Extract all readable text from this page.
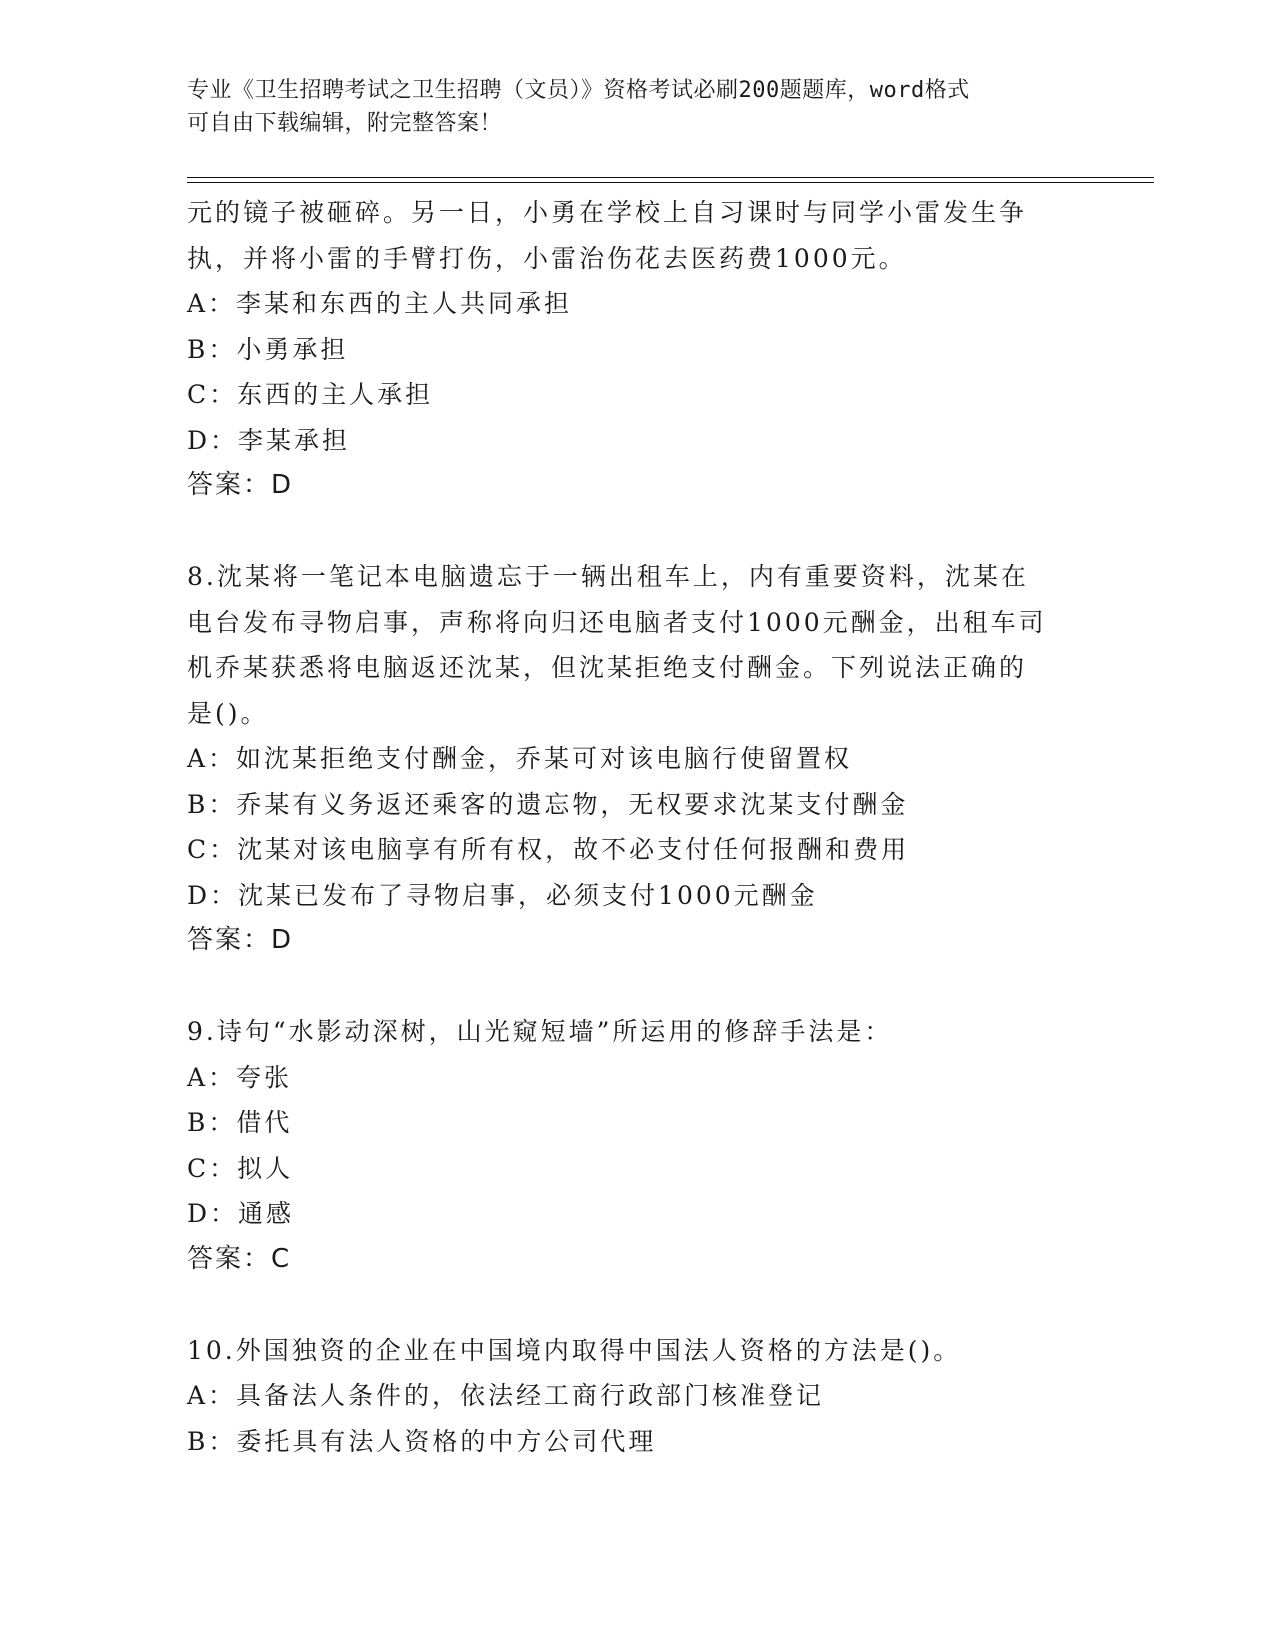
专业《卫生招聘考试之卫生招聘（文员）》资格考试必刷200题题库，word格式
可自由下载编辑，附完整答案！
元的镜子被砸碎。另一日，小勇在学校上自习课时与同学小雷发生争
执，并将小雷的手臂打伤，小雷治伤花去医药费1000元。
A：李某和东西的主人共同承担
B：小勇承担
C：东西的主人承担
D：李某承担
答案：D
8.沈某将一笔记本电脑遗忘于一辆出租车上，内有重要资料，沈某在
电台发布寻物启事，声称将向归还电脑者支付1000元酬金，出租车司
机乔某获悉将电脑返还沈某，但沈某拒绝支付酬金。下列说法正确的
是()。
A：如沈某拒绝支付酬金，乔某可对该电脑行使留置权
B：乔某有义务返还乘客的遗忘物，无权要求沈某支付酬金
C：沈某对该电脑享有所有权，故不必支付任何报酬和费用
D：沈某已发布了寻物启事，必须支付1000元酬金
答案：D
9.诗句“水影动深树，山光窥短墙”所运用的修辞手法是：
A：夸张
B：借代
C：拟人
D：通感
答案：C
10.外国独资的企业在中国境内取得中国法人资格的方法是()。
A：具备法人条件的，依法经工商行政部门核准登记
B：委托具有法人资格的中方公司代理
